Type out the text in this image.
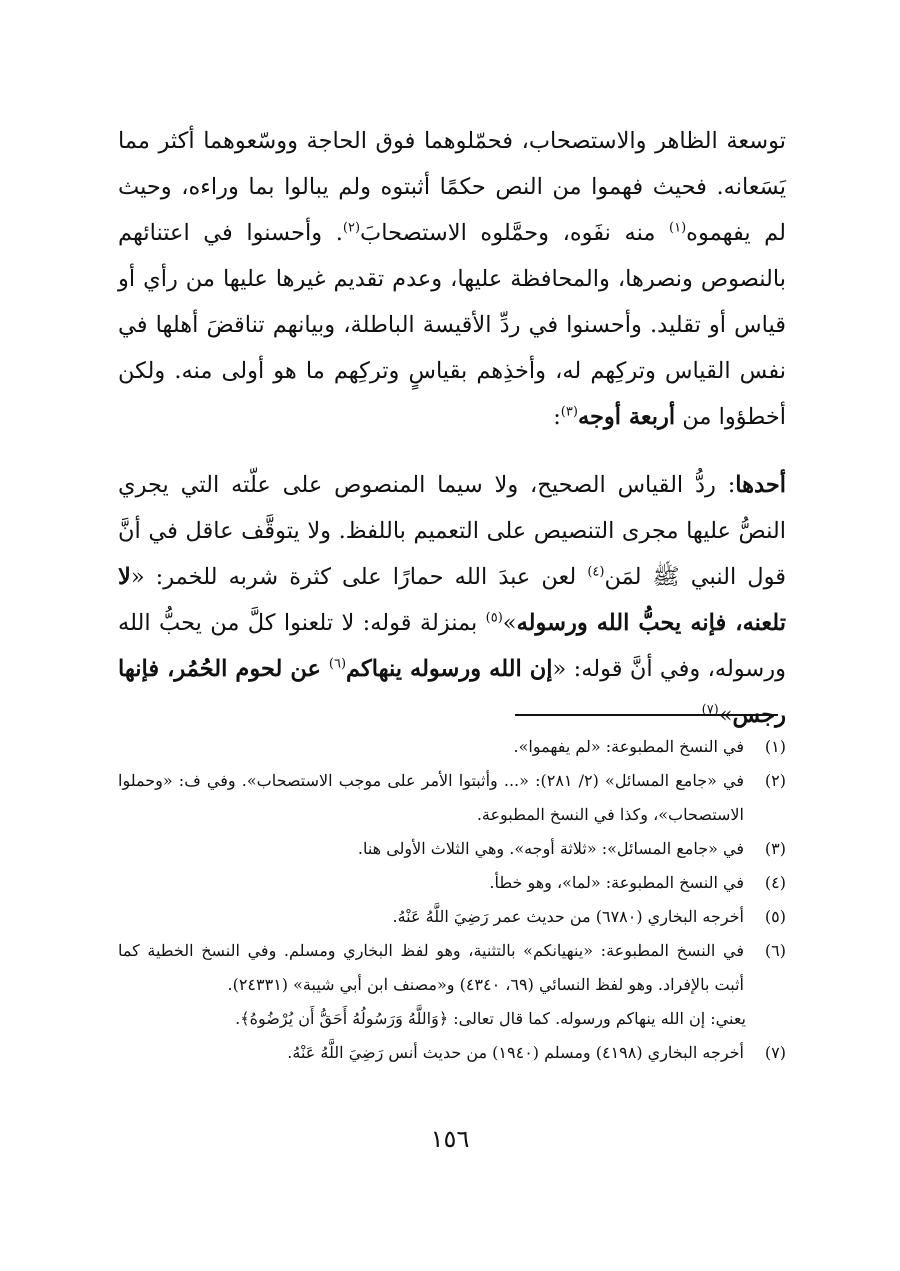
توسعة الظاهر والاستصحاب، فحمّلوهما فوق الحاجة ووسّعوهما أكثر مما يَسَعانه. فحيث فهموا من النص حكمًا أثبتوه ولم يبالوا بما وراءه، وحيث لم يفهموه$^{(١)}$ منه نفَوه، وحمَّلوه الاستصحابَ$^{(٢)}$. وأحسنوا في اعتنائهم بالنصوص ونصرها، والمحافظة عليها، وعدم تقديم غيرها عليها من رأي أو قياس أو تقليد. وأحسنوا في ردِّ الأقيسة الباطلة، وبيانهم تناقضَ أهلها في نفس القياس وتركِهم له، وأخذِهم بقياسٍ وتركِهم ما هو أولى منه. ولكن أخطؤوا من أربعة أوجه$^{(٣)}$:

أحدها: ردُّ القياس الصحيح، ولا سيما المنصوص على علّته التي يجري النصُّ عليها مجرى التنصيص على التعميم باللفظ. ولا يتوقَّف عاقل في أنَّ قول النبي ﷺ لمَن$^{(٤)}$ لعن عبدَ الله حمارًا على كثرة شربه للخمر: «لا تلعنه، فإنه يحبُّ الله ورسوله»$^{(٥)}$ بمنزلة قوله: لا تلعنوا كلَّ من يحبُّ الله ورسوله، وفي أنَّ قوله: «إن الله ورسوله ينهاكم$^{(٦)}$ عن لحوم الحُمُر، فإنها رجس»$^{(٧)}$

(١)
في النسخ المطبوعة: «لم يفهموا».
(٢)
في «جامع المسائل» (٢/ ٢٨١): «... وأثبتوا الأمر على موجب الاستصحاب». وفي ف: «وحملوا الاستصحاب»، وكذا في النسخ المطبوعة.
(٣)
في «جامع المسائل»: «ثلاثة أوجه». وهي الثلاث الأولى هنا.
(٤)
في النسخ المطبوعة: «لما»، وهو خطأ.
(٥)
أخرجه البخاري (٦٧٨٠) من حديث عمر رَضِيَ اللَّهُ عَنْهُ.
(٦)
في النسخ المطبوعة: «ينهيانكم» بالتثنية، وهو لفظ البخاري ومسلم. وفي النسخ الخطية كما أثبت بالإفراد. وهو لفظ النسائي (٦٩، ٤٣٤٠) و«مصنف ابن أبي شيبة» (٢٤٣٣١).
يعني: إن الله ينهاكم ورسوله. كما قال تعالى: ﴿وَاللَّهُ وَرَسُولُهُ أَحَقُّ أَن يُرْضُوهُ﴾.
(٧)
أخرجه البخاري (٤١٩٨) ومسلم (١٩٤٠) من حديث أنس رَضِيَ اللَّهُ عَنْهُ.
١٥٦
